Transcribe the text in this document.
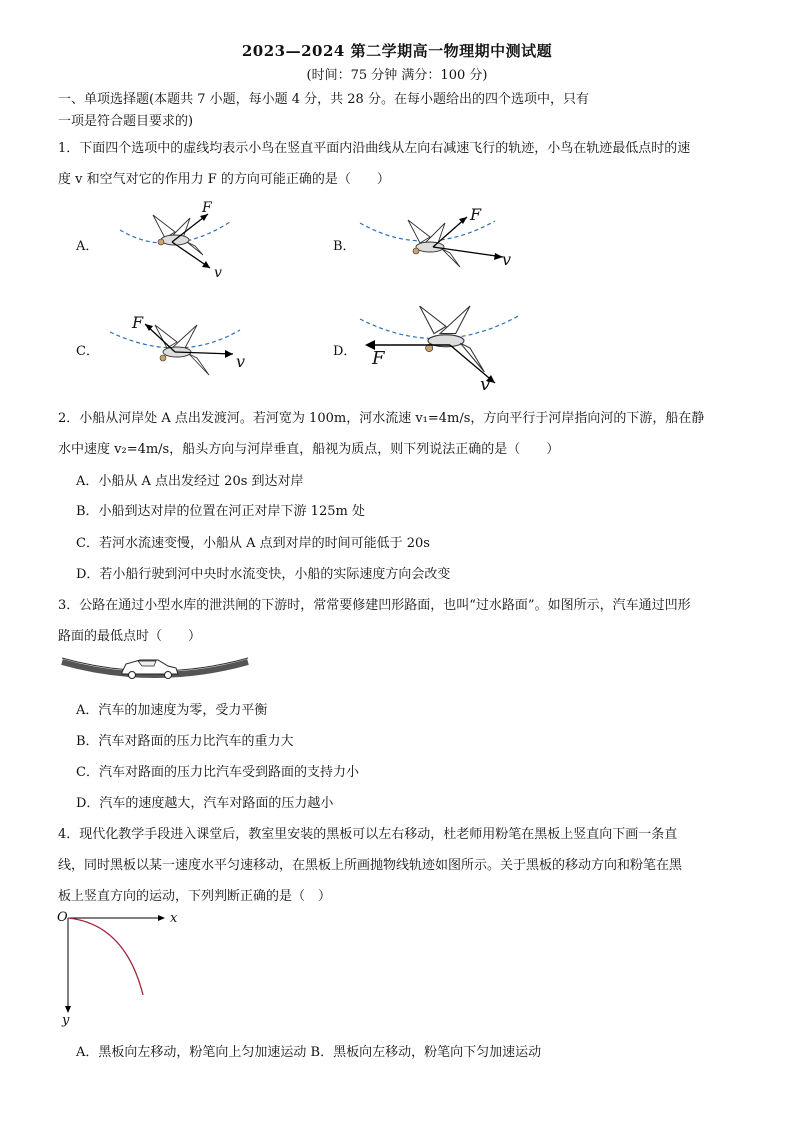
2023—2024 第二学期高一物理期中测试题
(时间：75 分钟 满分：100 分)
一、单项选择题(本题共 7 小题，每小题 4 分，共 28 分。在每小题给出的四个选项中，只有
一项是符合题目要求的)
1．下面四个选项中的虚线均表示小鸟在竖直平面内沿曲线从左向右减速飞行的轨迹，小鸟在轨迹最低点时的速
度 v 和空气对它的作用力 F 的方向可能正确的是（　　）
A．
F
v
B．
F
v
C．
F
v
D． F
v
2．小船从河岸处 A 点出发渡河。若河宽为 100m，河水流速 v₁=4m/s，方向平行于河岸指向河的下游，船在静
水中速度 v₂=4m/s，船头方向与河岸垂直，船视为质点，则下列说法正确的是（　　）
A．小船从 A 点出发经过 20s 到达对岸
B．小船到达对岸的位置在河正对岸下游 125m 处
C．若河水流速变慢，小船从 A 点到对岸的时间可能低于 20s
D．若小船行驶到河中央时水流变快，小船的实际速度方向会改变
3．公路在通过小型水库的泄洪闸的下游时，常常要修建凹形路面，也叫“过水路面”。如图所示，汽车通过凹形
路面的最低点时（　　）
A．汽车的加速度为零，受力平衡
B．汽车对路面的压力比汽车的重力大
C．汽车对路面的压力比汽车受到路面的支持力小
D．汽车的速度越大，汽车对路面的压力越小
4．现代化教学手段进入课堂后，教室里安装的黑板可以左右移动，杜老师用粉笔在黑板上竖直向下画一条直
线，同时黑板以某一速度水平匀速移动，在黑板上所画抛物线轨迹如图所示。关于黑板的移动方向和粉笔在黑
板上竖直方向的运动，下列判断正确的是（　）
O	x
y
A．黑板向左移动，粉笔向上匀加速运动 B．黑板向左移动，粉笔向下匀加速运动
